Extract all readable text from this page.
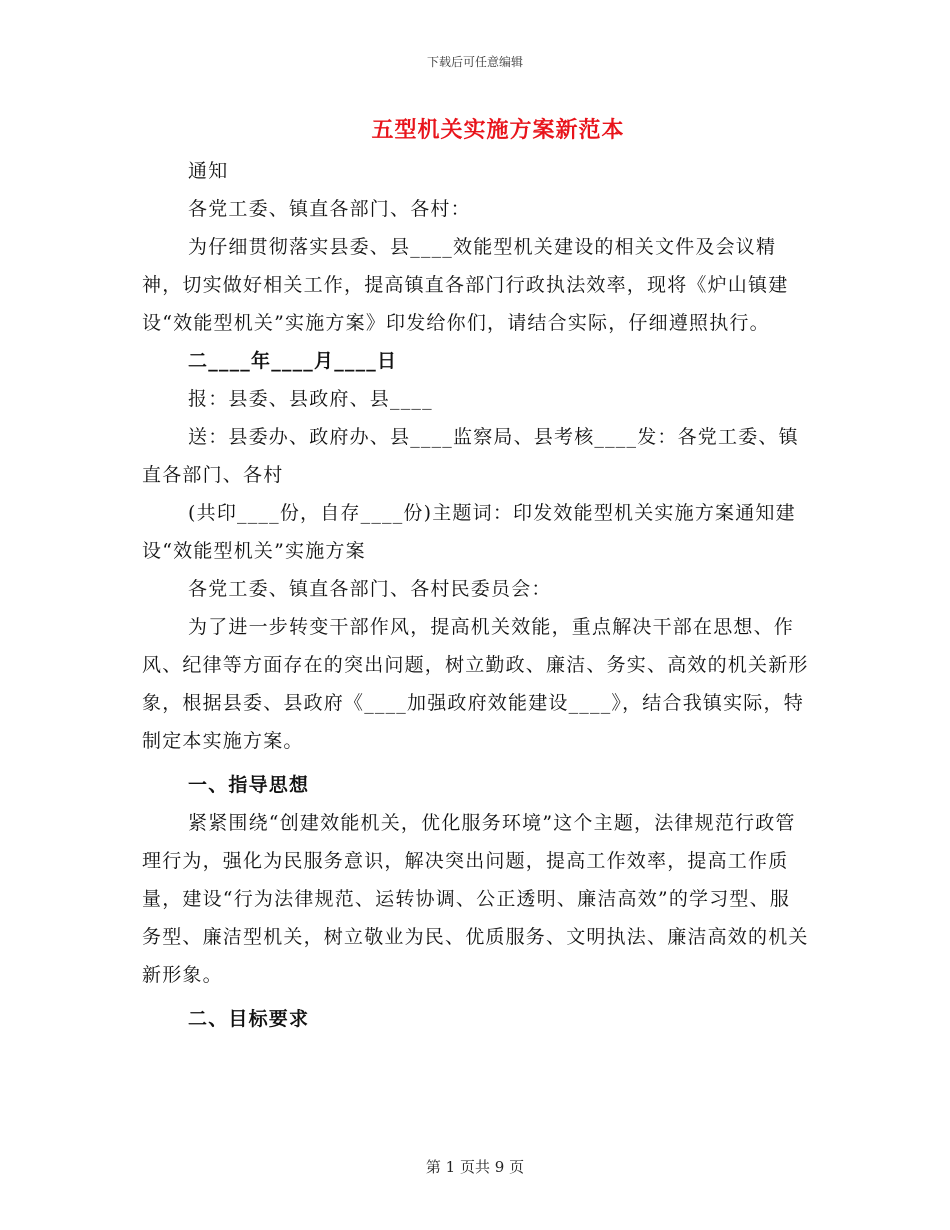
下载后可任意编辑
五型机关实施方案新范本

通知

各党工委、镇直各部门、各村：

为仔细贯彻落实县委、县____效能型机关建设的相关文件及会议精神，切实做好相关工作，提高镇直各部门行政执法效率，现将《炉山镇建设“效能型机关”实施方案》印发给你们，请结合实际，仔细遵照执行。

二____年____月____日

报：县委、县政府、县____

送：县委办、政府办、县____监察局、县考核____发：各党工委、镇直各部门、各村

(共印____份，自存____份)主题词：印发效能型机关实施方案通知建设“效能型机关”实施方案

各党工委、镇直各部门、各村民委员会：

为了进一步转变干部作风，提高机关效能，重点解决干部在思想、作风、纪律等方面存在的突出问题，树立勤政、廉洁、务实、高效的机关新形象，根据县委、县政府《____加强政府效能建设____》，结合我镇实际，特制定本实施方案。

一、指导思想

紧紧围绕“创建效能机关，优化服务环境”这个主题，法律规范行政管理行为，强化为民服务意识，解决突出问题，提高工作效率，提高工作质量，建设“行为法律规范、运转协调、公正透明、廉洁高效”的学习型、服务型、廉洁型机关，树立敬业为民、优质服务、文明执法、廉洁高效的机关新形象。

二、目标要求

第 1 页共 9 页
